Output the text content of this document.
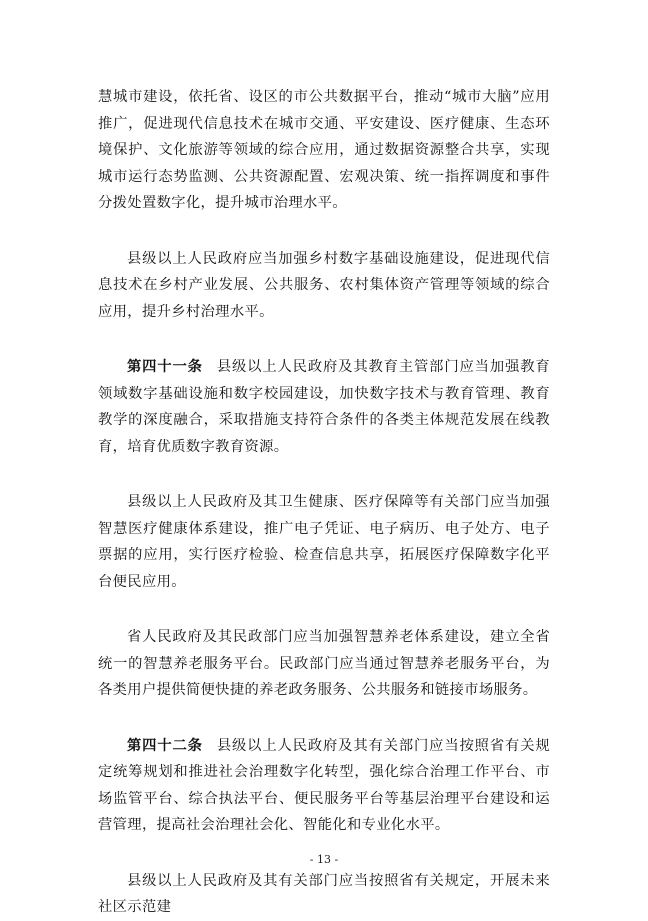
慧城市建设，依托省、设区的市公共数据平台，推动“城市大脑”应用推广，促进现代信息技术在城市交通、平安建设、医疗健康、生态环境保护、文化旅游等领域的综合应用，通过数据资源整合共享，实现城市运行态势监测、公共资源配置、宏观决策、统一指挥调度和事件分拨处置数字化，提升城市治理水平。

县级以上人民政府应当加强乡村数字基础设施建设，促进现代信息技术在乡村产业发展、公共服务、农村集体资产管理等领域的综合应用，提升乡村治理水平。

第四十一条 县级以上人民政府及其教育主管部门应当加强教育领域数字基础设施和数字校园建设，加快数字技术与教育管理、教育教学的深度融合，采取措施支持符合条件的各类主体规范发展在线教育，培育优质数字教育资源。

县级以上人民政府及其卫生健康、医疗保障等有关部门应当加强智慧医疗健康体系建设，推广电子凭证、电子病历、电子处方、电子票据的应用，实行医疗检验、检查信息共享，拓展医疗保障数字化平台便民应用。

省人民政府及其民政部门应当加强智慧养老体系建设，建立全省统一的智慧养老服务平台。民政部门应当通过智慧养老服务平台，为各类用户提供简便快捷的养老政务服务、公共服务和链接市场服务。

第四十二条 县级以上人民政府及其有关部门应当按照省有关规定统筹规划和推进社会治理数字化转型，强化综合治理工作平台、市场监管平台、综合执法平台、便民服务平台等基层治理平台建设和运营管理，提高社会治理社会化、智能化和专业化水平。

县级以上人民政府及其有关部门应当按照省有关规定，开展未来社区示范建

- 13 -
